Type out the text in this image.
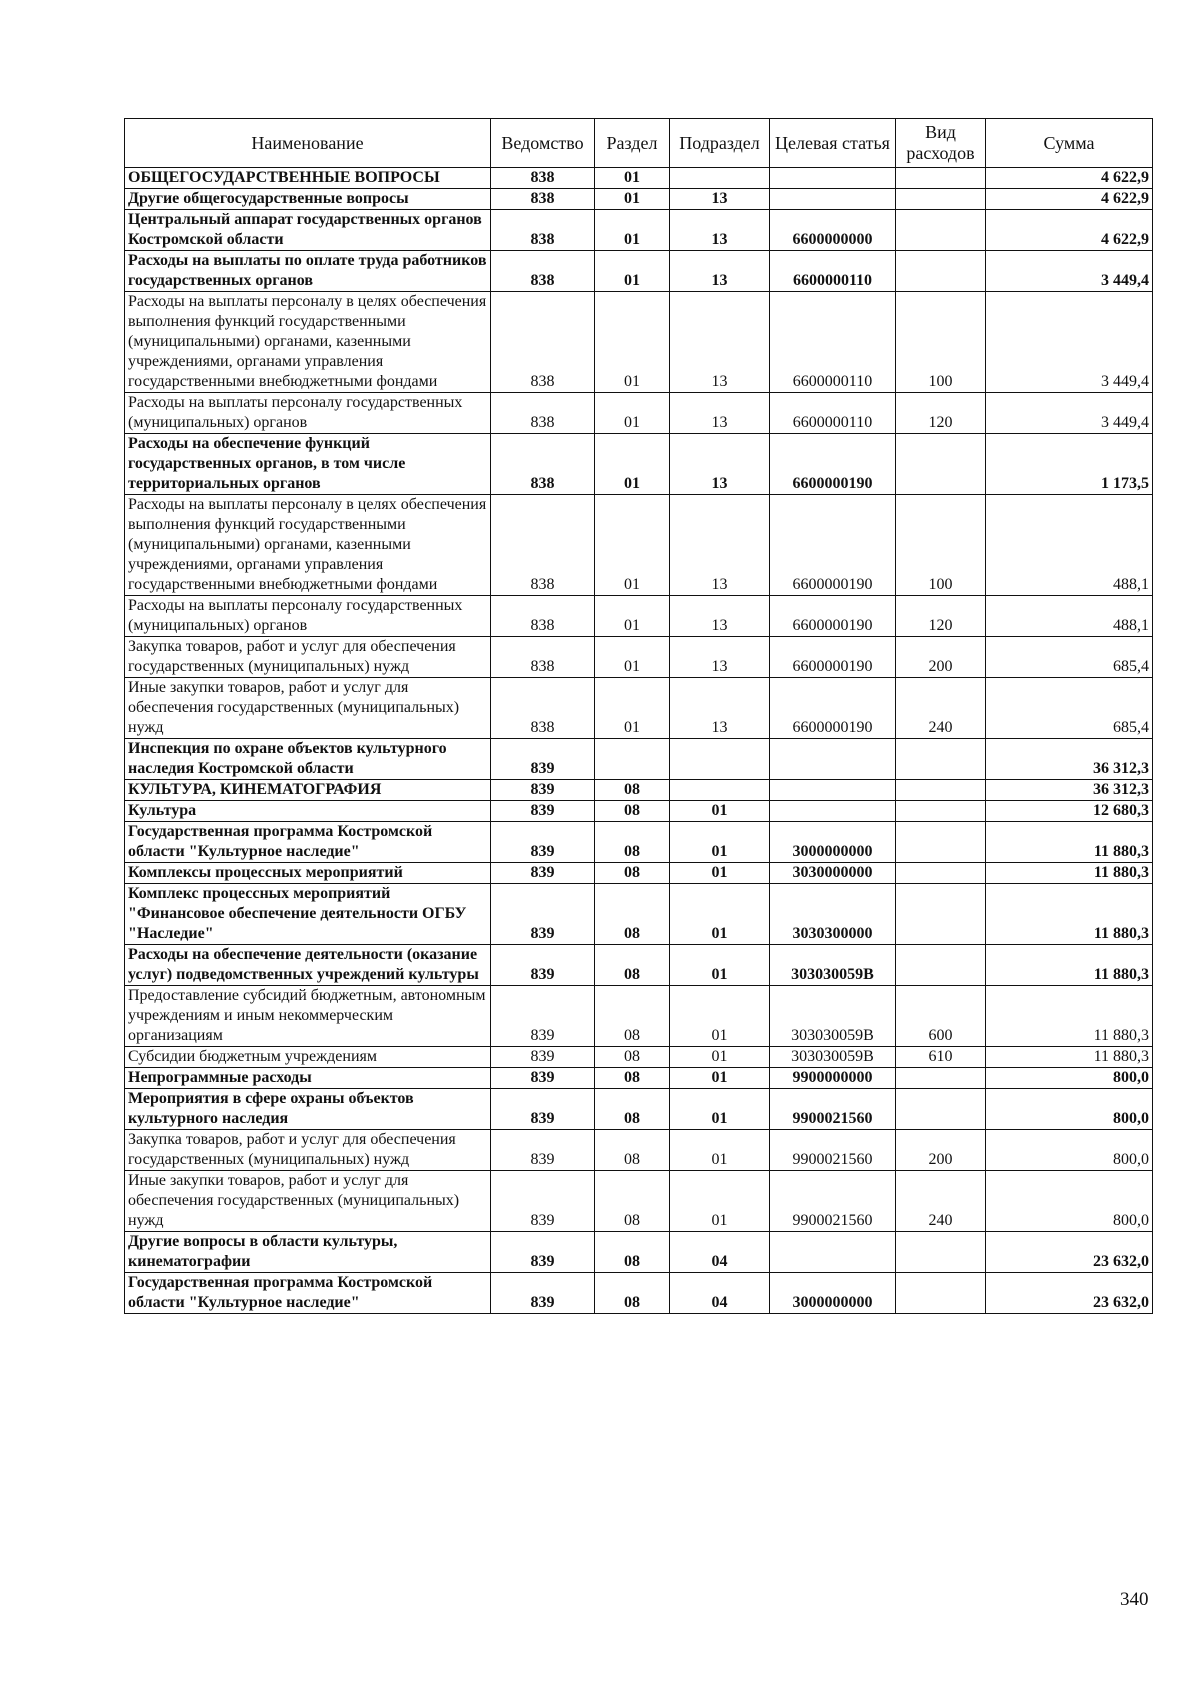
Наименование	Ведомство	Раздел	Подраздел	Целевая статья	Вид расходов	Сумма
ОБЩЕГОСУДАРСТВЕННЫЕ ВОПРОСЫ	838	01				4 622,9
Другие общегосударственные вопросы	838	01	13			4 622,9
Центральный аппарат государственных органов Костромской области	838	01	13	6600000000		4 622,9
Расходы на выплаты по оплате труда работников государственных органов	838	01	13	6600000110		3 449,4
Расходы на выплаты персоналу в целях обеспечения выполнения функций государственными (муниципальными) органами, казенными учреждениями, органами управления государственными внебюджетными фондами	838	01	13	6600000110	100	3 449,4
Расходы на выплаты персоналу государственных (муниципальных) органов	838	01	13	6600000110	120	3 449,4
Расходы на обеспечение функций государственных органов, в том числе территориальных органов	838	01	13	6600000190		1 173,5
Расходы на выплаты персоналу в целях обеспечения выполнения функций государственными (муниципальными) органами, казенными учреждениями, органами управления государственными внебюджетными фондами	838	01	13	6600000190	100	488,1
Расходы на выплаты персоналу государственных (муниципальных) органов	838	01	13	6600000190	120	488,1
Закупка товаров, работ и услуг для обеспечения государственных (муниципальных) нужд	838	01	13	6600000190	200	685,4
Иные закупки товаров, работ и услуг для обеспечения государственных (муниципальных) нужд	838	01	13	6600000190	240	685,4
Инспекция по охране объектов культурного наследия Костромской области	839					36 312,3
КУЛЬТУРА, КИНЕМАТОГРАФИЯ	839	08				36 312,3
Культура	839	08	01			12 680,3
Государственная программа Костромской области "Культурное наследие"	839	08	01	3000000000		11 880,3
Комплексы процессных мероприятий	839	08	01	3030000000		11 880,3
Комплекс процессных мероприятий "Финансовое обеспечение деятельности ОГБУ "Наследие"	839	08	01	3030300000		11 880,3
Расходы на обеспечение деятельности (оказание услуг) подведомственных учреждений культуры	839	08	01	303030059В		11 880,3
Предоставление субсидий бюджетным, автономным учреждениям и иным некоммерческим организациям	839	08	01	303030059В	600	11 880,3
Субсидии бюджетным учреждениям	839	08	01	303030059В	610	11 880,3
Непрограммные расходы	839	08	01	9900000000		800,0
Мероприятия в сфере охраны объектов культурного наследия	839	08	01	9900021560		800,0
Закупка товаров, работ и услуг для обеспечения государственных (муниципальных) нужд	839	08	01	9900021560	200	800,0
Иные закупки товаров, работ и услуг для обеспечения государственных (муниципальных) нужд	839	08	01	9900021560	240	800,0
Другие вопросы в области культуры, кинематографии	839	08	04			23 632,0
Государственная программа Костромской области "Культурное наследие"	839	08	04	3000000000		23 632,0
340
